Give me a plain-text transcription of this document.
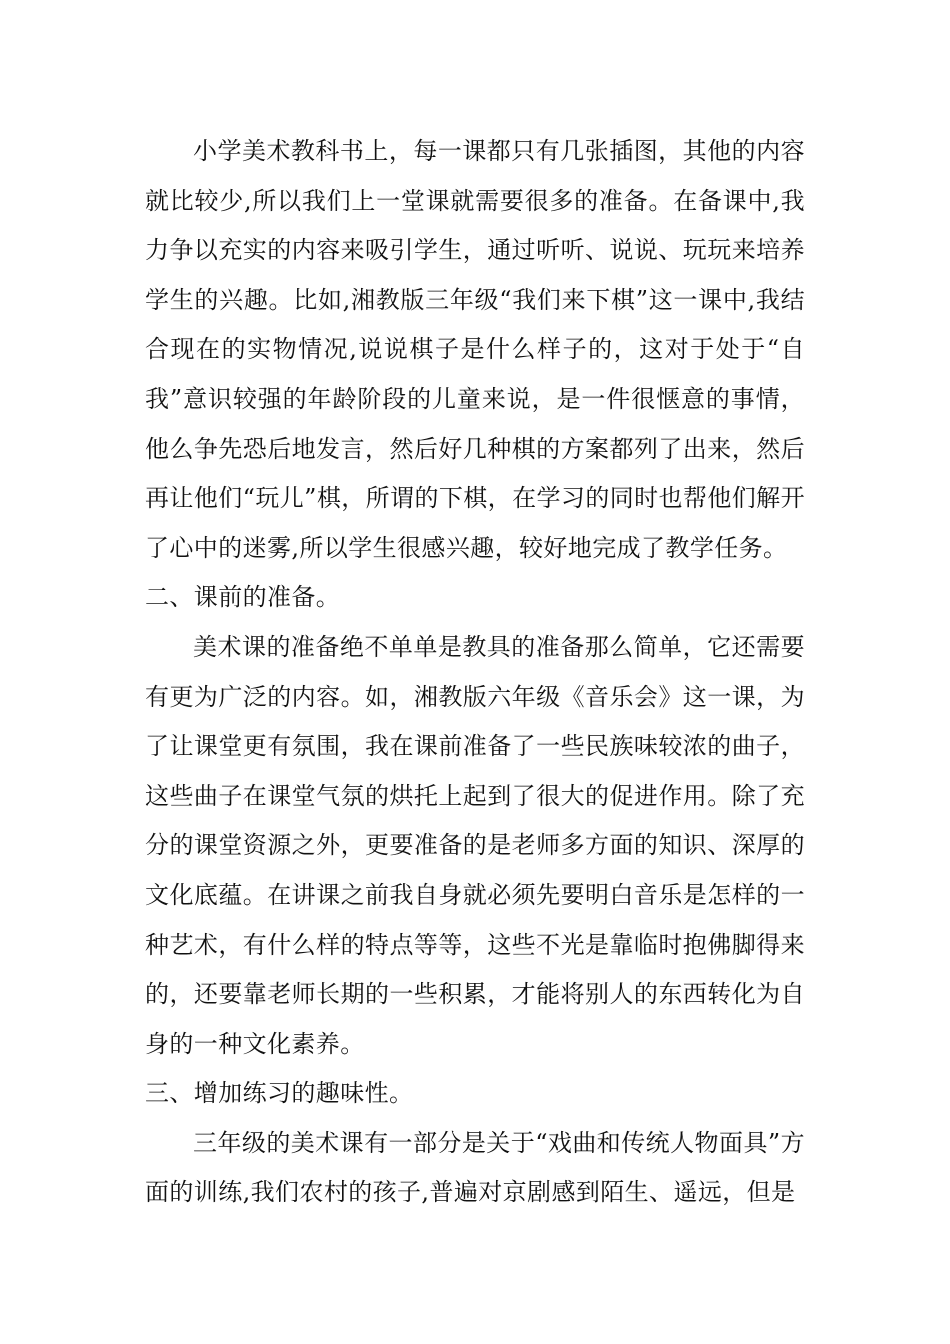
小学美术教科书上，每一课都只有几张插图，其他的内容就比较少,所以我们上一堂课就需要很多的准备。在备课中,我力争以充实的内容来吸引学生，通过听听、说说、玩玩来培养学生的兴趣。比如,湘教版三年级“我们来下棋”这一课中,我结合现在的实物情况,说说棋子是什么样子的，这对于处于“自我”意识较强的年龄阶段的儿童来说，是一件很惬意的事情，他么争先恐后地发言，然后好几种棋的方案都列了出来，然后再让他们“玩儿”棋，所谓的下棋，在学习的同时也帮他们解开了心中的迷雾,所以学生很感兴趣，较好地完成了教学任务。

二、课前的准备。

美术课的准备绝不单单是教具的准备那么简单，它还需要有更为广泛的内容。如，湘教版六年级《音乐会》这一课，为了让课堂更有氛围，我在课前准备了一些民族味较浓的曲子，这些曲子在课堂气氛的烘托上起到了很大的促进作用。除了充分的课堂资源之外，更要准备的是老师多方面的知识、深厚的文化底蕴。在讲课之前我自身就必须先要明白音乐是怎样的一种艺术，有什么样的特点等等，这些不光是靠临时抱佛脚得来的，还要靠老师长期的一些积累，才能将别人的东西转化为自身的一种文化素养。

三、增加练习的趣味性。

三年级的美术课有一部分是关于“戏曲和传统人物面具”方面的训练,我们农村的孩子,普遍对京剧感到陌生、遥远，但是
